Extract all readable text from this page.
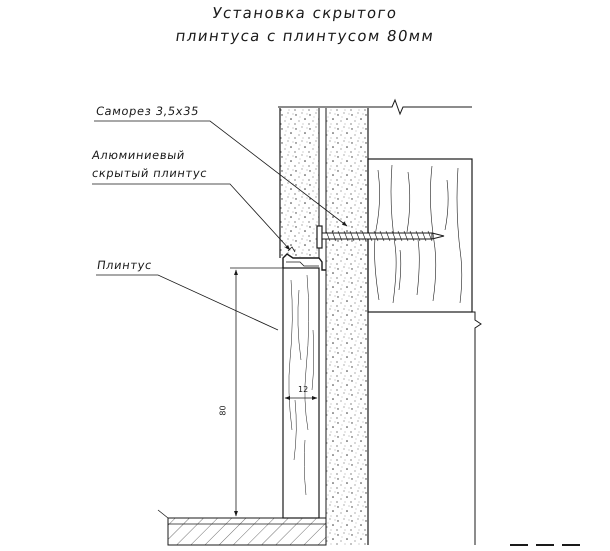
Установка скрытого
плинтуса с плинтусом 80мм
Саморез 3,5х35
Алюминиевый
скрытый плинтус
Плинтус
12
80
